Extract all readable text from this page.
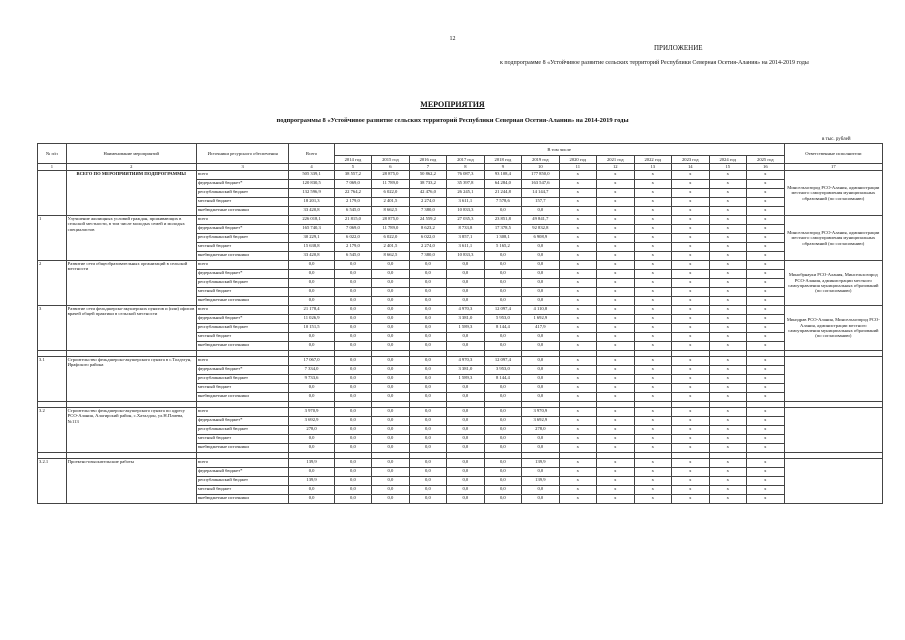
12
ПРИЛОЖЕНИЕ
к подпрограмме 8 «Устойчивое развитие сельских территорий Республики Северная Осетия-Алания» на 2014-2019 годы
МЕРОПРИЯТИЯ
подпрограммы 8 «Устойчивое развитие сельских территорий Республики Северная Осетия-Алания» на 2014-2019 годы
в тыс. рублей
№ п/п	Наименование мероприятий	Источники ресурсного обеспечения	Всего	В том числе												Ответственные исполнители
				2014 год	2015 год	2016 год	2017 год	2018 год	2019 год	2020 год	2021 год	2022 год	2023 год	2024 год	2025 год	
1	2	3	4	5	6	7	8	9	10	11	12	13	14	15	16	17
	ВСЕГО ПО МЕРОПРИЯТИЯМ ПОДПРОГРАММЫ	всего	505 339,1	38 557,2	28 875,0	50 862,2	76 087,3	93 108,4	177 850,0	х	х	х	х	х	х	Минсельхозпрод РСО-Алания, администрации местного самоуправления муниципальных образований (по согласованию)
		федеральный бюджет*	120 830,5	7 069,0	11 789,0	38 733,2	35 397,8	64 284,0	163 547,6	х	х	х	х	х	х	
		республиканский бюджет	132 596,9	22 764,2	6 022,0	42 476,0	26 245,1	21 244,8	14 144,7	х	х	х	х	х	х	
		местный бюджет	18 201,3	2 179,0	2 401,5	2 274,0	3 611,1	7 578,6	157,7	х	х	х	х	х	х	
		внебюджетные источники	33 420,8	6 545,0	8 662,5	7 380,0	10 833,3	0,0	0,0	х	х	х	х	х	х	
1	Улучшение жилищных условий граждан, проживающих в сельской местности, в том числе молодых семей и молодых специалистов	всего	226 018,1	21 815,0	28 875,0	24 559,2	27 035,3	23 851,8	49 841,7	х	х	х	х	х	х	Минсельхозпрод РСО-Алания, администрации местного самоуправления муниципальных образований (по согласованию)
		федеральный бюджет*	165 740,3	7 069,0	11 789,0	8 623,2	8 733,8	17 378,5	92 832,8	х	х	х	х	х	х	
		республиканский бюджет	30 229,1	6 022,0	6 022,0	6 022,0	3 857,1	1 308,1	6 908,9	х	х	х	х	х	х	
		местный бюджет	15 638,8	2 179,0	2 401,5	2 274,0	3 611,1	5 165,2	0,0	х	х	х	х	х	х	
		внебюджетные источники	33 420,8	6 545,0	8 662,5	7 380,0	10 833,3	0,0	0,0	х	х	х	х	х	х	
2	Развитие сети общеобразовательных организаций в сельской местности	всего	0,0	0,0	0,0	0,0	0,0	0,0	0,0	х	х	х	х	х	х	Минобрнауки РСО-Алания, Минсельхозпрод РСО-Алания, администрации местного самоуправления муниципальных образований (по согласованию)
		федеральный бюджет*	0,0	0,0	0,0	0,0	0,0	0,0	0,0	х	х	х	х	х	х	
		республиканский бюджет	0,0	0,0	0,0	0,0	0,0	0,0	0,0	х	х	х	х	х	х	
		местный бюджет	0,0	0,0	0,0	0,0	0,0	0,0	0,0	х	х	х	х	х	х	
		внебюджетные источники	0,0	0,0	0,0	0,0	0,0	0,0	0,0	х	х	х	х	х	х	
3	Развитие сети фельдшерско-акушерских пунктов и (или) офисов врачей общей практики в сельской местности	всего	21 178,4	0,0	0,0	0,0	4 970,3	12 097,4	4 110,8	х	х	х	х	х	х	Минздрав РСО-Алания, Минсельхозпрод РСО-Алания, администрации местного самоуправления муниципальных образований (по согласованию)
		федеральный бюджет*	11 026,9	0,0	0,0	0,0	3 381,0	5 953,0	1 692,9	х	х	х	х	х	х	
		республиканский бюджет	10 151,5	0,0	0,0	0,0	1 589,3	8 144,4	417,9	х	х	х	х	х	х	
		местный бюджет	0,0	0,0	0,0	0,0	0,0	0,0	0,0	х	х	х	х	х	х	
		внебюджетные источники	0,0	0,0	0,0	0,0	0,0	0,0	0,0	х	х	х	х	х	х	

3.1	Строительство фельдшерско-акушерского пункта в с.Толдзгун, Ирафского района	всего	17 067,0	0,0	0,0	0,0	4 970,3	12 097,4	0,0	х	х	х	х	х	х	
		федеральный бюджет*	7 334,0	0,0	0,0	0,0	3 381,0	3 953,0	0,0	х	х	х	х	х	х	
		республиканский бюджет	9 733,6	0,0	0,0	0,0	1 589,3	8 144,4	0,0	х	х	х	х	х	х	
		местный бюджет	0,0	0,0	0,0	0,0	0,0	0,0	0,0	х	х	х	х	х	х	
		внебюджетные источники	0,0	0,0	0,0	0,0	0,0	0,0	0,0	х	х	х	х	х	х	

3.2	Строительство фельдшерско-акушерского пункта по адресу РСО-Алания, Алагирский район, с.Хаталдон, ул.Н.Плиева, №113	всего	3 970,9	0,0	0,0	0,0	0,0	0,0	3 970,9	х	х	х	х	х	х	
		федеральный бюджет*	3 692,9	0,0	0,0	0,0	0,0	0,0	3 692,9	х	х	х	х	х	х	
		республиканский бюджет	278,0	0,0	0,0	0,0	0,0	0,0	278,0	х	х	х	х	х	х	
		местный бюджет	0,0	0,0	0,0	0,0	0,0	0,0	0,0	х	х	х	х	х	х	
		внебюджетные источники	0,0	0,0	0,0	0,0	0,0	0,0	0,0	х	х	х	х	х	х	

3.2.1	Проектно-изыскательские работы	всего	139,9	0,0	0,0	0,0	0,0	0,0	139,9	х	х	х	х	х	х	
		федеральный бюджет*	0,0	0,0	0,0	0,0	0,0	0,0	0,0	х	х	х	х	х	х	
		республиканский бюджет	139,9	0,0	0,0	0,0	0,0	0,0	139,9	х	х	х	х	х	х	
		местный бюджет	0,0	0,0	0,0	0,0	0,0	0,0	0,0	х	х	х	х	х	х	
		внебюджетные источники	0,0	0,0	0,0	0,0	0,0	0,0	0,0	х	х	х	х	х	х	
